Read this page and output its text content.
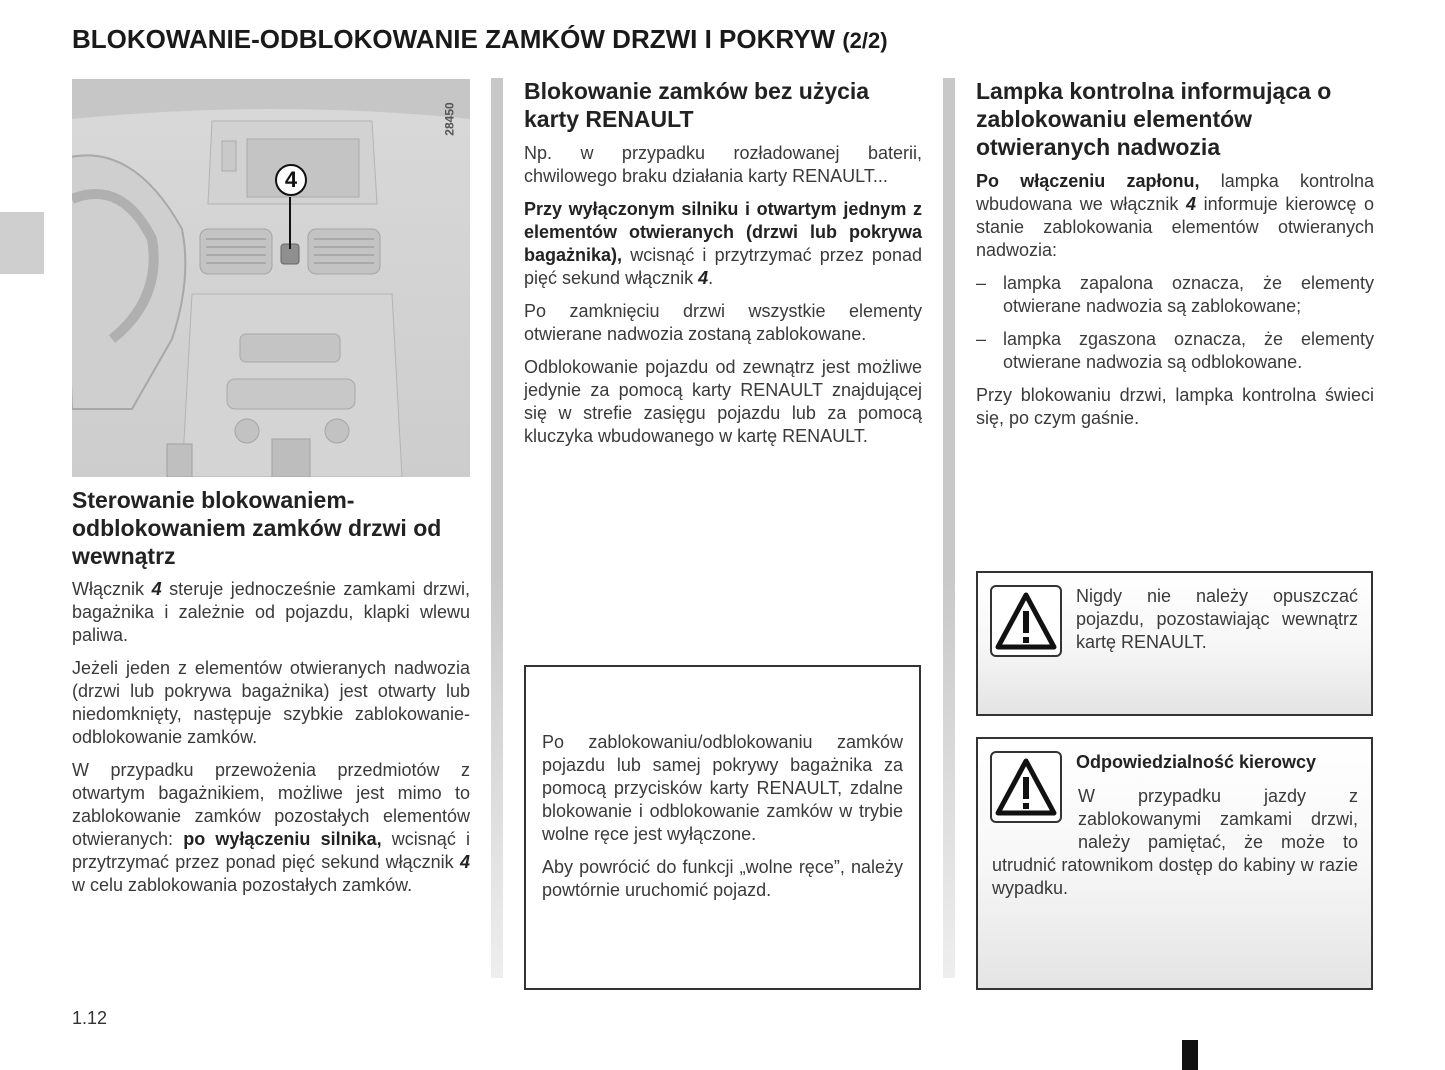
BLOKOWANIE-ODBLOKOWANIE ZAMKÓW DRZWI I POKRYW (2/2)
4
28450
Sterowanie blokowaniem-odblokowaniem zamków drzwi od wewnątrz

Włącznik 4 steruje jednocześnie zamkami drzwi, bagażnika i zależnie od pojazdu, klapki wlewu paliwa.

Jeżeli jeden z elementów otwieranych nadwozia (drzwi lub pokrywa bagażnika) jest otwarty lub niedomknięty, następuje szybkie zablokowanie-odblokowanie zamków.

W przypadku przewożenia przedmiotów z otwartym bagażnikiem, możliwe jest mimo to zablokowanie zamków pozostałych elementów otwieranych: po wyłączeniu silnika, wcisnąć i przytrzymać przez ponad pięć sekund włącznik 4 w celu zablokowania pozostałych zamków.

Blokowanie zamków bez użycia karty RENAULT

Np. w przypadku rozładowanej baterii, chwilowego braku działania karty RENAULT...

Przy wyłączonym silniku i otwartym jednym z elementów otwieranych (drzwi lub pokrywa bagażnika), wcisnąć i przytrzymać przez ponad pięć sekund włącznik 4.

Po zamknięciu drzwi wszystkie elementy otwierane nadwozia zostaną zablokowane.

Odblokowanie pojazdu od zewnątrz jest możliwe jedynie za pomocą karty RENAULT znajdującej się w strefie zasięgu pojazdu lub za pomocą kluczyka wbudowanego w kartę RENAULT.

Po zablokowaniu/odblokowaniu zamków pojazdu lub samej pokrywy bagażnika za pomocą przycisków karty RENAULT, zdalne blokowanie i odblokowanie zamków w trybie wolne ręce jest wyłączone.

Aby powrócić do funkcji „wolne ręce”, należy powtórnie uruchomić pojazd.

Lampka kontrolna informująca o zablokowaniu elementów otwieranych nadwozia

Po włączeniu zapłonu, lampka kontrolna wbudowana we włącznik 4 informuje kierowcę o stanie zablokowania elementów otwieranych nadwozia:

– lampka zapalona oznacza, że elementy otwierane nadwozia są zablokowane;
– lampka zgaszona oznacza, że elementy otwierane nadwozia są odblokowane.

Przy blokowaniu drzwi, lampka kontrolna świeci się, po czym gaśnie.

Nigdy nie należy opuszczać pojazdu, pozostawiając wewnątrz kartę RENAULT.

Odpowiedzialność kierowcy

W przypadku jazdy z zablokowanymi zamkami drzwi, należy pamiętać, że może to utrudnić ratownikom dostęp do kabiny w razie wypadku.

1.12
